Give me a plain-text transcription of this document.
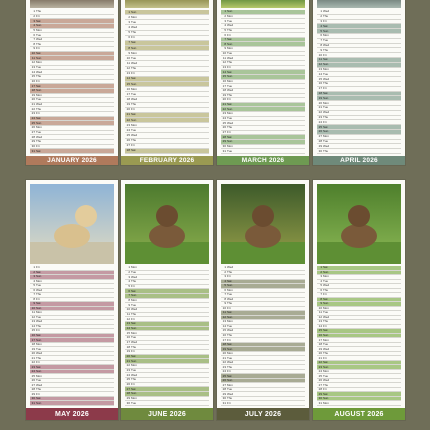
1 Thu
2 Fri
3 Sat
4 Sun
5 Mon
6 Tue
7 Wed
8 Thu
9 Fri
10 Sat
11 Sun
12 Mon
13 Tue
14 Wed
15 Thu
16 Fri
17 Sat
18 Sun
19 Mon
20 Tue
21 Wed
22 Thu
23 Fri
24 Sat
25 Sun
26 Mon
27 Tue
28 Wed
29 Thu
30 Fri
31 Sat
JANUARY 2026
1 Sun
2 Mon
3 Tue
4 Wed
5 Thu
6 Fri
7 Sat
8 Sun
9 Mon
10 Tue
11 Wed
12 Thu
13 Fri
14 Sat
15 Sun
16 Mon
17 Tue
18 Wed
19 Thu
20 Fri
21 Sat
22 Sun
23 Mon
24 Tue
25 Wed
26 Thu
27 Fri
28 Sat
FEBRUARY 2026
1 Sun
2 Mon
3 Tue
4 Wed
5 Thu
6 Fri
7 Sat
8 Sun
9 Mon
10 Tue
11 Wed
12 Thu
13 Fri
14 Sat
15 Sun
16 Mon
17 Tue
18 Wed
19 Thu
20 Fri
21 Sat
22 Sun
23 Mon
24 Tue
25 Wed
26 Thu
27 Fri
28 Sat
29 Sun
30 Mon
31 Tue
MARCH 2026
1 Wed
2 Thu
3 Fri
4 Sat
5 Sun
6 Mon
7 Tue
8 Wed
9 Thu
10 Fri
11 Sat
12 Sun
13 Mon
14 Tue
15 Wed
16 Thu
17 Fri
18 Sat
19 Sun
20 Mon
21 Tue
22 Wed
23 Thu
24 Fri
25 Sat
26 Sun
27 Mon
28 Tue
29 Wed
30 Thu
APRIL 2026
1 Fri
2 Sat
3 Sun
4 Mon
5 Tue
6 Wed
7 Thu
8 Fri
9 Sat
10 Sun
11 Mon
12 Tue
13 Wed
14 Thu
15 Fri
16 Sat
17 Sun
18 Mon
19 Tue
20 Wed
21 Thu
22 Fri
23 Sat
24 Sun
25 Mon
26 Tue
27 Wed
28 Thu
29 Fri
30 Sat
31 Sun
MAY 2026
1 Mon
2 Tue
3 Wed
4 Thu
5 Fri
6 Sat
7 Sun
8 Mon
9 Tue
10 Wed
11 Thu
12 Fri
13 Sat
14 Sun
15 Mon
16 Tue
17 Wed
18 Thu
19 Fri
20 Sat
21 Sun
22 Mon
23 Tue
24 Wed
25 Thu
26 Fri
27 Sat
28 Sun
29 Mon
30 Tue
JUNE 2026
1 Wed
2 Thu
3 Fri
4 Sat
5 Sun
6 Mon
7 Tue
8 Wed
9 Thu
10 Fri
11 Sat
12 Sun
13 Mon
14 Tue
15 Wed
16 Thu
17 Fri
18 Sat
19 Sun
20 Mon
21 Tue
22 Wed
23 Thu
24 Fri
25 Sat
26 Sun
27 Mon
28 Tue
29 Wed
30 Thu
31 Fri
JULY 2026
1 Sat
2 Sun
3 Mon
4 Tue
5 Wed
6 Thu
7 Fri
8 Sat
9 Sun
10 Mon
11 Tue
12 Wed
13 Thu
14 Fri
15 Sat
16 Sun
17 Mon
18 Tue
19 Wed
20 Thu
21 Fri
22 Sat
23 Sun
24 Mon
25 Tue
26 Wed
27 Thu
28 Fri
29 Sat
30 Sun
31 Mon
AUGUST 2026
